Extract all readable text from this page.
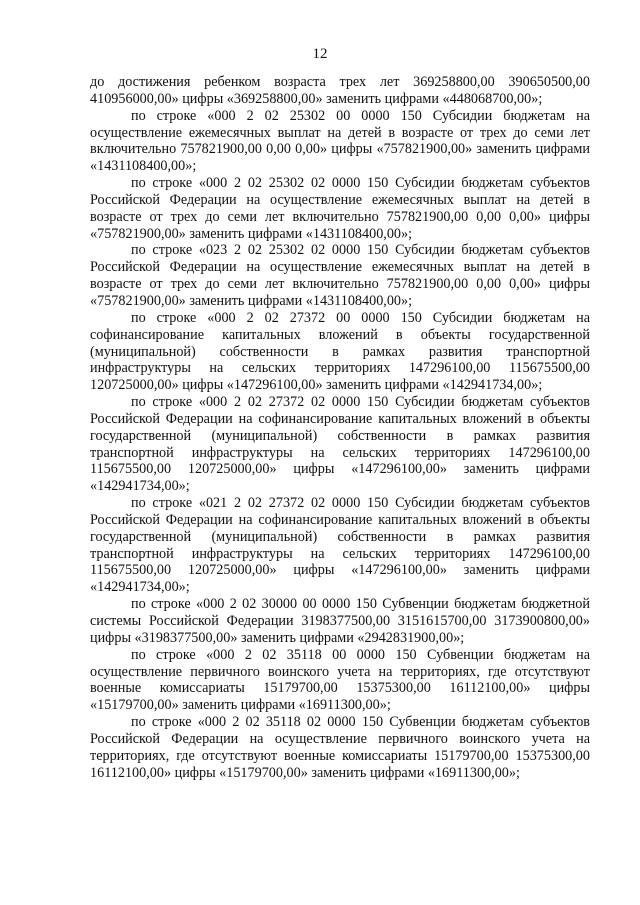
12

до достижения ребенком возраста трех лет 369258800,00 390650500,00 410956000,00» цифры «369258800,00» заменить цифрами «448068700,00»;

по строке «000 2 02 25302 00 0000 150 Субсидии бюджетам на осуществление ежемесячных выплат на детей в возрасте от трех до семи лет включительно 757821900,00 0,00 0,00» цифры «757821900,00» заменить цифрами «1431108400,00»;

по строке «000 2 02 25302 02 0000 150 Субсидии бюджетам субъектов Российской Федерации на осуществление ежемесячных выплат на детей в возрасте от трех до семи лет включительно 757821900,00 0,00 0,00» цифры «757821900,00» заменить цифрами «1431108400,00»;

по строке «023 2 02 25302 02 0000 150 Субсидии бюджетам субъектов Российской Федерации на осуществление ежемесячных выплат на детей в возрасте от трех до семи лет включительно 757821900,00 0,00 0,00» цифры «757821900,00» заменить цифрами «1431108400,00»;

по строке «000 2 02 27372 00 0000 150 Субсидии бюджетам на софинансирование капитальных вложений в объекты государственной (муниципальной) собственности в рамках развития транспортной инфраструктуры на сельских территориях 147296100,00 115675500,00 120725000,00» цифры «147296100,00» заменить цифрами «142941734,00»;

по строке «000 2 02 27372 02 0000 150 Субсидии бюджетам субъектов Российской Федерации на софинансирование капитальных вложений в объекты государственной (муниципальной) собственности в рамках развития транспортной инфраструктуры на сельских территориях 147296100,00 115675500,00 120725000,00» цифры «147296100,00» заменить цифрами «142941734,00»;

по строке «021 2 02 27372 02 0000 150 Субсидии бюджетам субъектов Российской Федерации на софинансирование капитальных вложений в объекты государственной (муниципальной) собственности в рамках развития транспортной инфраструктуры на сельских территориях 147296100,00 115675500,00 120725000,00» цифры «147296100,00» заменить цифрами «142941734,00»;

по строке «000 2 02 30000 00 0000 150 Субвенции бюджетам бюджетной системы Российской Федерации 3198377500,00 3151615700,00 3173900800,00» цифры «3198377500,00» заменить цифрами «2942831900,00»;

по строке «000 2 02 35118 00 0000 150 Субвенции бюджетам на осуществление первичного воинского учета на территориях, где отсутствуют военные комиссариаты 15179700,00 15375300,00 16112100,00» цифры «15179700,00» заменить цифрами «16911300,00»;

по строке «000 2 02 35118 02 0000 150 Субвенции бюджетам субъектов Российской Федерации на осуществление первичного воинского учета на территориях, где отсутствуют военные комиссариаты 15179700,00 15375300,00 16112100,00» цифры «15179700,00» заменить цифрами «16911300,00»;
